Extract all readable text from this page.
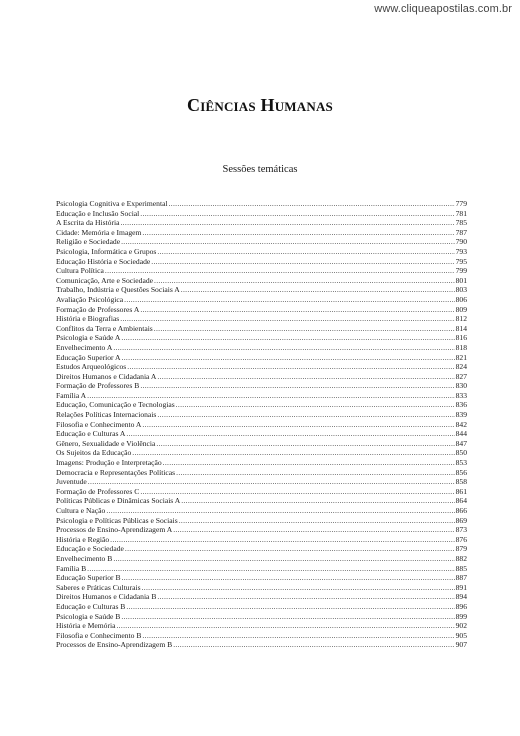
www.cliqueapostilas.com.br
Ciências Humanas
Sessões temáticas
Psicologia Cognitiva e Experimental .....	779
Educação e Inclusão Social .....	781
A Escrita da História .....	785
Cidade: Memória e Imagem .....	787
Religião e Sociedade .....	790
Psicologia, Informática e Grupos .....	793
Educação História e Sociedade .....	795
Cultura Política .....	799
Comunicação, Arte e Sociedade .....	801
Trabalho, Indústria e Questões Sociais A .....	803
Avaliação Psicológica .....	806
Formação de Professores A .....	809
História e Biografias .....	812
Conflitos da Terra e Ambientais .....	814
Psicologia e Saúde A .....	816
Envelhecimento A .....	818
Educação Superior A .....	821
Estudos Arqueológicos .....	824
Direitos Humanos e Cidadania A .....	827
Formação de Professores B .....	830
Família A .....	833
Educação, Comunicação e Tecnologias .....	836
Relações Políticas Internacionais .....	839
Filosofia e Conhecimento A .....	842
Educação e Culturas A .....	844
Gênero, Sexualidade e Violência .....	847
Os Sujeitos da Educação .....	850
Imagens: Produção e Interpretação .....	853
Democracia e Representações Políticas .....	856
Juventude .....	858
Formação de Professores C .....	861
Políticas Públicas e Dinâmicas Sociais A .....	864
Cultura e Nação .....	866
Psicologia e Políticas Públicas e Sociais .....	869
Processos de Ensino-Aprendizagem A .....	873
História e Região .....	876
Educação e Sociedade .....	879
Envelhecimento B .....	882
Família B .....	885
Educação Superior B .....	887
Saberes e Práticas Culturais .....	891
Direitos Humanos e Cidadania B .....	894
Educação e Culturas B .....	896
Psicologia e Saúde B .....	899
História e Memória .....	902
Filosofia e Conhecimento B .....	905
Processos de Ensino-Aprendizagem B .....	907
